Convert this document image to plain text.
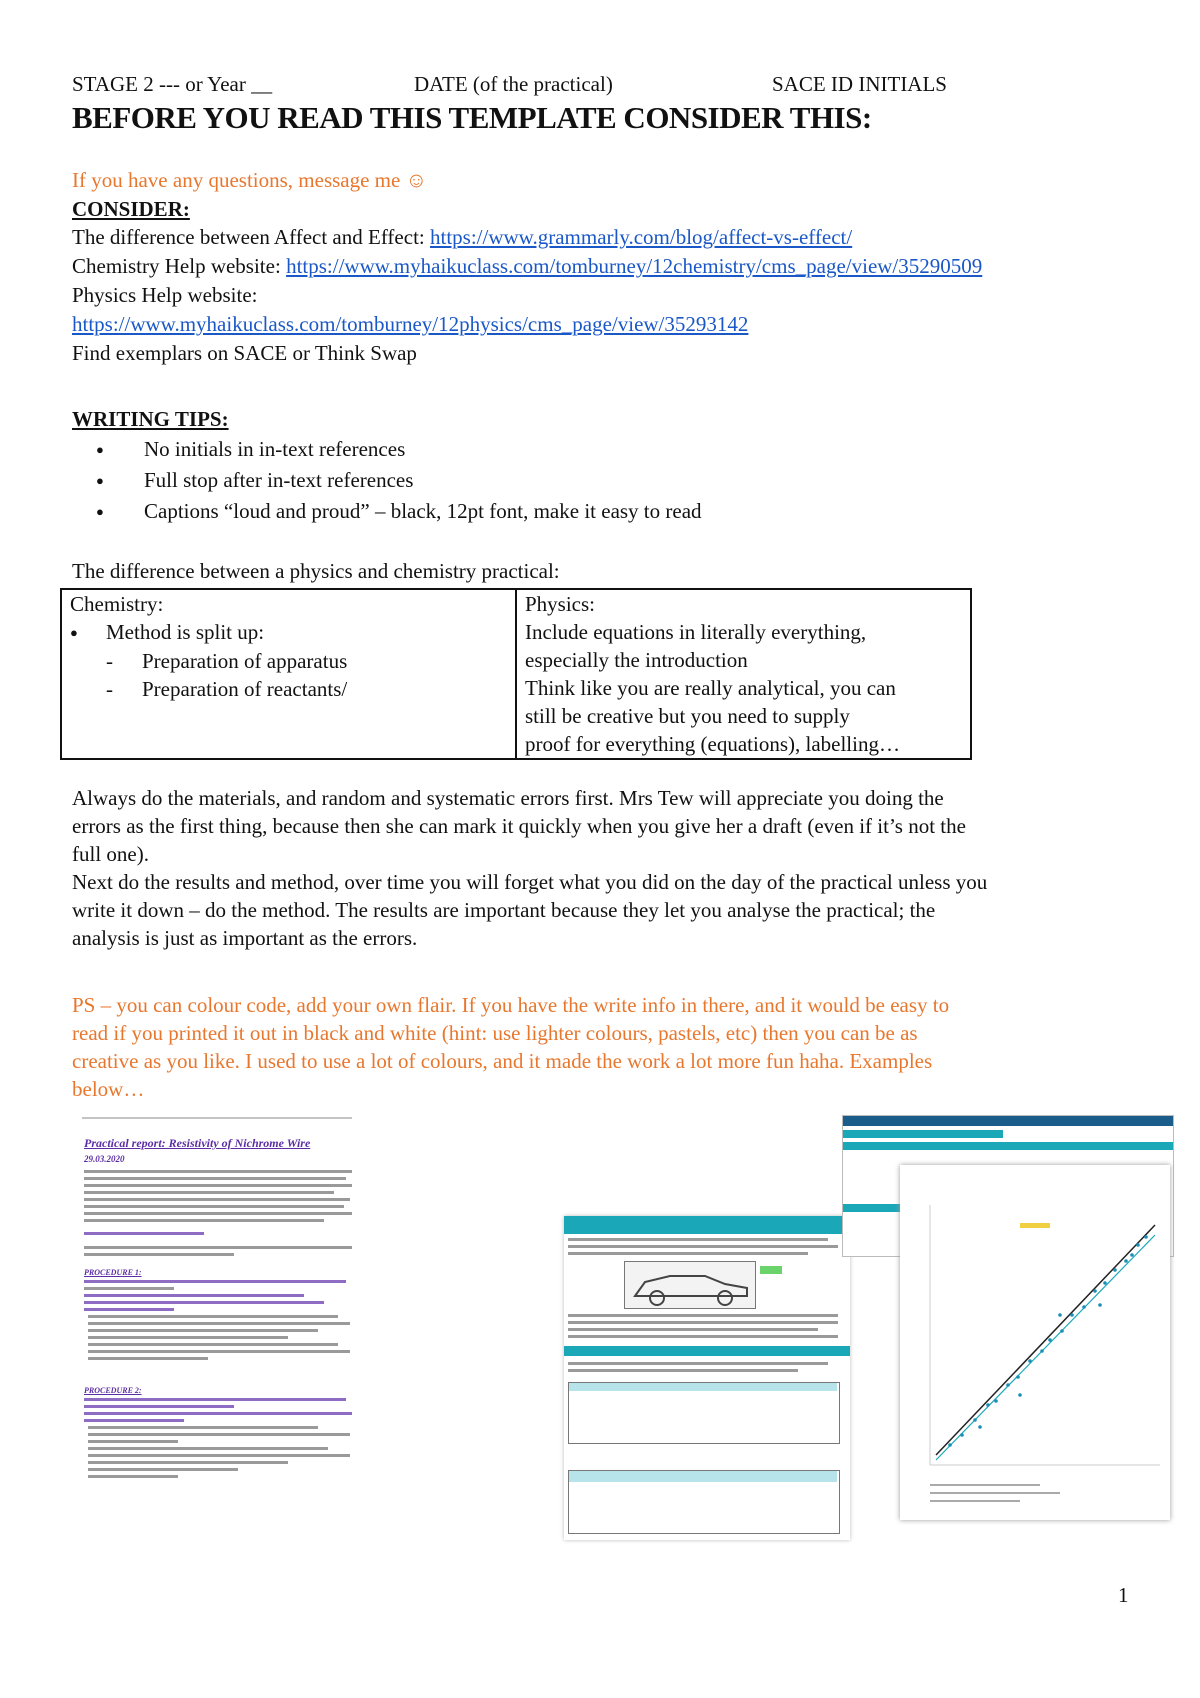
STAGE 2 --- or Year __	DATE (of the practical)	SACE ID INITIALS
BEFORE YOU READ THIS TEMPLATE CONSIDER THIS:
If you have any questions, message me ☺
CONSIDER:
The difference between Affect and Effect: https://www.grammarly.com/blog/affect-vs-effect/
Chemistry Help website: https://www.myhaikuclass.com/tomburney/12chemistry/cms_page/view/35290509
Physics Help website:
https://www.myhaikuclass.com/tomburney/12physics/cms_page/view/35293142
Find exemplars on SACE or Think Swap
WRITING TIPS:
● No initials in in-text references
● Full stop after in-text references
● Captions “loud and proud” – black, 12pt font, make it easy to read
The difference between a physics and chemistry practical:
Chemistry:
● Method is split up:
- Preparation of apparatus
- Preparation of reactants/

Physics:
Include equations in literally everything,
especially the introduction
Think like you are really analytical, you can
still be creative but you need to supply
proof for everything (equations), labelling…

Always do the materials, and random and systematic errors first. Mrs Tew will appreciate you doing the

errors as the first thing, because then she can mark it quickly when you give her a draft (even if it’s not the

full one).

Next do the results and method, over time you will forget what you did on the day of the practical unless you

write it down – do the method. The results are important because they let you analyse the practical; the

analysis is just as important as the errors.

PS – you can colour code, add your own flair. If you have the write info in there, and it would be easy to

read if you printed it out in black and white (hint: use lighter colours, pastels, etc) then you can be as

creative as you like. I used to use a lot of colours, and it made the work a lot more fun haha. Examples

below…

Practical report: Resistivity of Nichrome Wire
29.03.2020
PROCEDURE 1:
PROCEDURE 2:
1
